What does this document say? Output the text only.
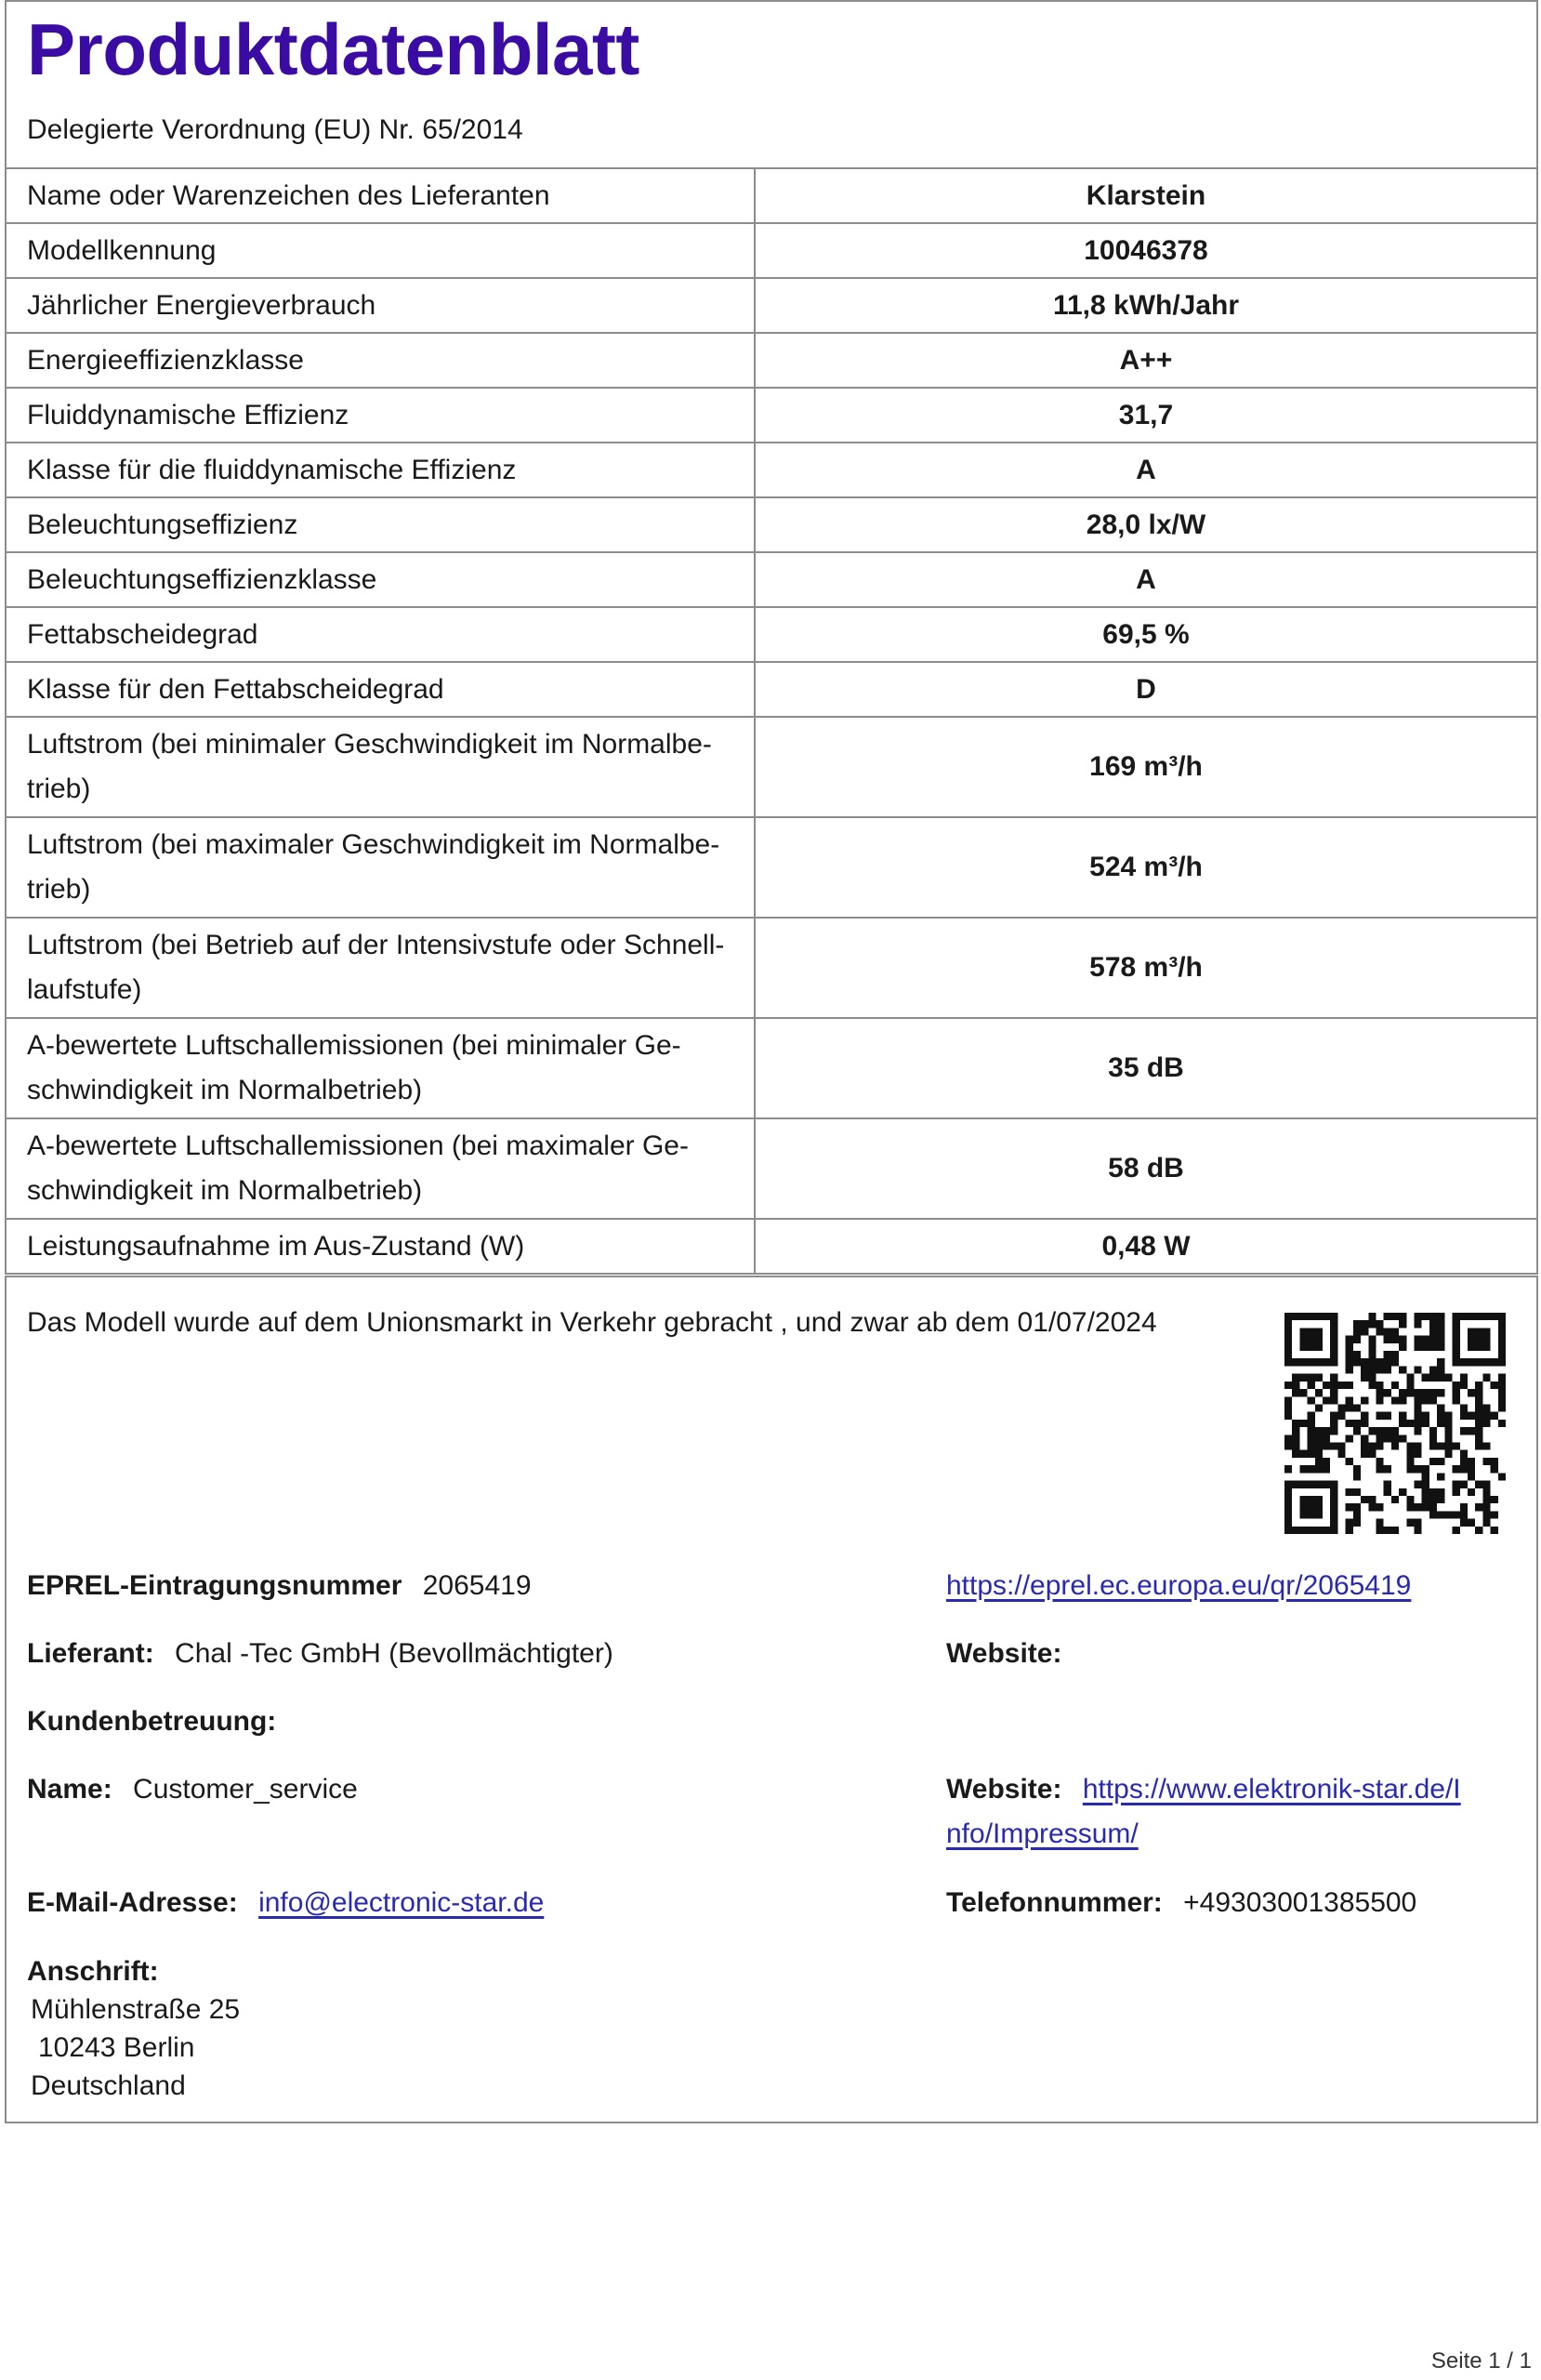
Produktdatenblatt
Delegierte Verordnung (EU) Nr. 65/2014
Name oder Warenzeichen des Lieferanten	Klarstein
Modellkennung	10046378
Jährlicher Energieverbrauch	11,8 kWh/Jahr
Energieeffizienzklasse	A++
Fluiddynamische Effizienz	31,7
Klasse für die fluiddynamische Effizienz	A
Beleuchtungseffizienz	28,0 lx/W
Beleuchtungseffizienzklasse	A
Fettabscheidegrad	69,5 %
Klasse für den Fettabscheidegrad	D
Luftstrom (bei minimaler Geschwindigkeit im Normalbe- trieb)	169 m³/h
Luftstrom (bei maximaler Geschwindigkeit im Normalbe- trieb)	524 m³/h
Luftstrom (bei Betrieb auf der Intensivstufe oder Schnell- laufstufe)	578 m³/h
A-bewertete Luftschallemissionen (bei minimaler Ge- schwindigkeit im Normalbetrieb)	35 dB
A-bewertete Luftschallemissionen (bei maximaler Ge- schwindigkeit im Normalbetrieb)	58 dB
Leistungsaufnahme im Aus-Zustand (W)	0,48 W
Das Modell wurde auf dem Unionsmarkt in Verkehr gebracht , und zwar ab dem 01/07/2024
EPREL-Eintragungsnummer 2065419	https://eprel.ec.europa.eu/qr/2065419
Lieferant: Chal -Tec GmbH (Bevollmächtigter)	Website:
Kundenbetreuung:
Name: Customer_service	Website: https://www.elektronik-star.de/I
nfo/Impressum/
E-Mail-Adresse: info@electronic-star.de	Telefonnummer: +49303001385500
Anschrift:
Mühlenstraße 25
10243 Berlin
Deutschland
Seite 1 / 1
